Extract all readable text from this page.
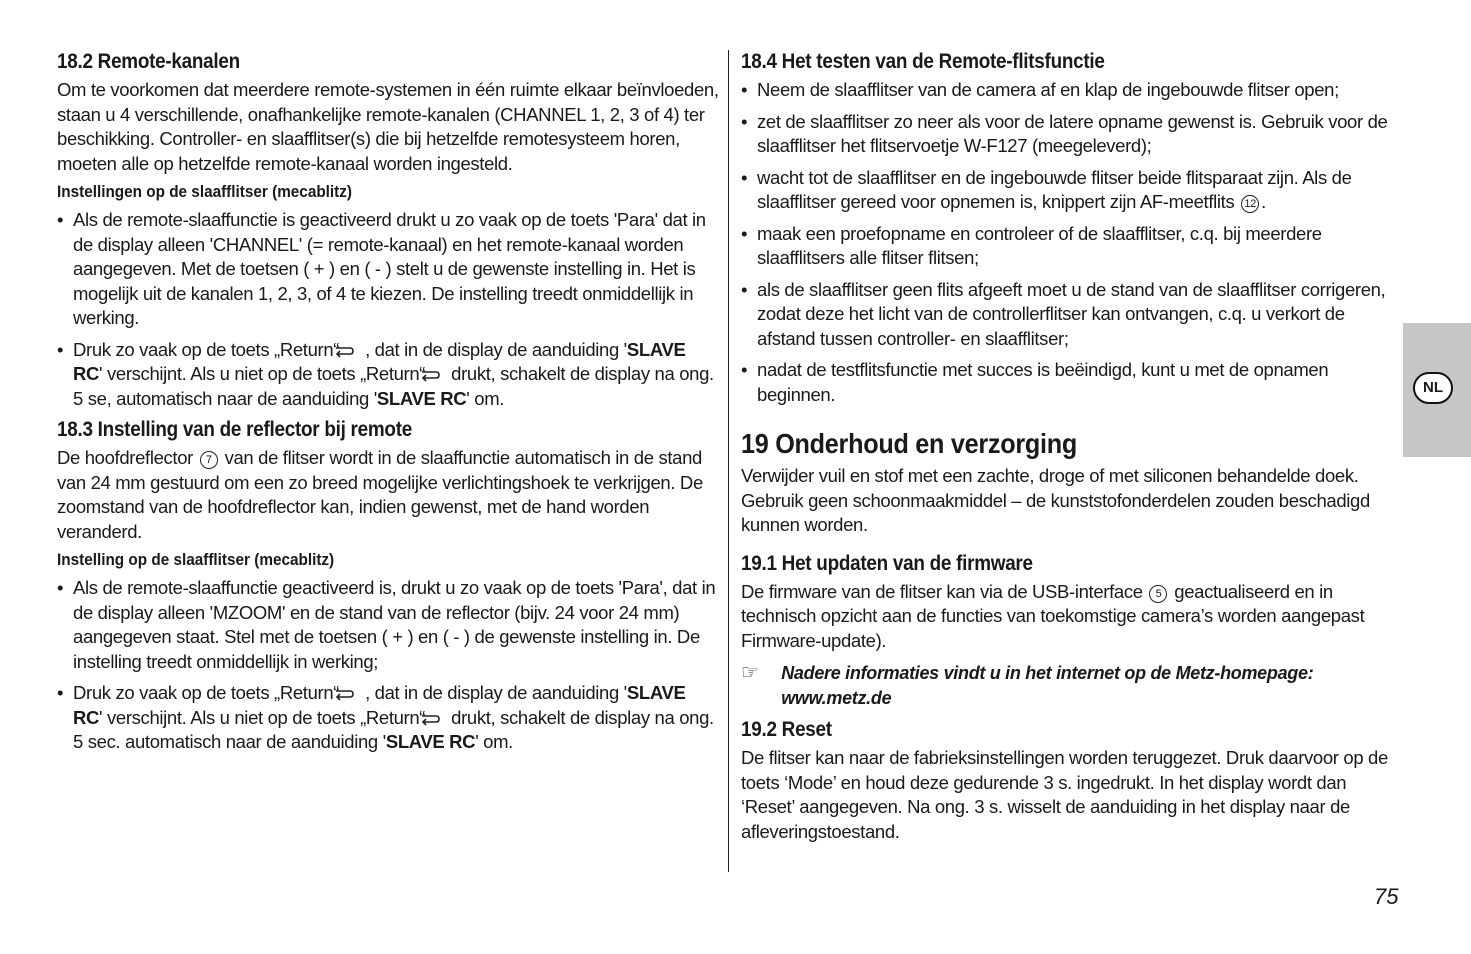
18.2 Remote-kanalen

Om te voorkomen dat meerdere remote-systemen in één ruimte elkaar beïnvloeden, staan u 4 verschillende, onafhankelijke remote-kanalen (CHANNEL 1, 2, 3 of 4) ter beschikking. Controller- en slaafflitser(s) die bij hetzelfde remotesysteem horen, moeten alle op hetzelfde remote-kanaal worden ingesteld.

Instellingen op de slaafflitser (mecablitz)
• Als de remote-slaaffunctie is geactiveerd drukt u zo vaak op de toets 'Para' dat in de display alleen 'CHANNEL' (= remote-kanaal) en het remote-kanaal worden aangegeven. Met de toetsen ( + ) en ( - ) stelt u de gewenste instelling in. Het is mogelijk uit de kanalen 1, 2, 3, of 4 te kiezen. De instelling treedt onmiddellijk in werking.
• Druk zo vaak op de toets „Return“ , dat in de display de aanduiding 'SLAVE RC' verschijnt. Als u niet op de toets „Return“ drukt, schakelt de display na ong. 5 se, automatisch naar de aanduiding 'SLAVE RC' om.
18.3 Instelling van de reflector bij remote

De hoofdreflector 7 van de flitser wordt in de slaaffunctie automatisch in de stand van 24 mm gestuurd om een zo breed mogelijke verlichtingshoek te verkrijgen. De zoomstand van de hoofdreflector kan, indien gewenst, met de hand worden veranderd.

Instelling op de slaafflitser (mecablitz)
• Als de remote-slaaffunctie geactiveerd is, drukt u zo vaak op de toets 'Para', dat in de display alleen 'MZOOM' en de stand van de reflector (bijv. 24 voor 24 mm) aangegeven staat. Stel met de toetsen ( + ) en ( - ) de gewenste instelling in. De instelling treedt onmiddellijk in werking;
• Druk zo vaak op de toets „Return“ , dat in de display de aanduiding 'SLAVE RC' verschijnt. Als u niet op de toets „Return“ drukt, schakelt de display na ong. 5 sec. automatisch naar de aanduiding 'SLAVE RC' om.
18.4 Het testen van de Remote-flitsfunctie
• Neem de slaafflitser van de camera af en klap de ingebouwde flitser open;
• zet de slaafflitser zo neer als voor de latere opname gewenst is. Gebruik voor de slaafflitser het flitservoetje W-F127 (meegeleverd);
• wacht tot de slaafflitser en de ingebouwde flitser beide flitsparaat zijn. Als de slaafflitser gereed voor opnemen is, knippert zijn AF-meetflits 12 .
• maak een proefopname en controleer of de slaafflitser, c.q. bij meerdere slaafflitsers alle flitser flitsen;
• als de slaafflitser geen flits afgeeft moet u de stand van de slaafflitser corrigeren, zodat deze het licht van de controllerflitser kan ontvangen, c.q. u verkort de afstand tussen controller- en slaafflitser;
• nadat de testflitsfunctie met succes is beëindigd, kunt u met de opnamen beginnen.
19 Onderhoud en verzorging

Verwijder vuil en stof met een zachte, droge of met siliconen behandelde doek. Gebruik geen schoonmaakmiddel – de kunststofonderdelen zouden beschadigd kunnen worden.

19.1 Het updaten van de firmware

De firmware van de flitser kan via de USB-interface 5 geactualiseerd en in technisch opzicht aan de functies van toekomstige camera’s worden aangepast Firmware-update).

☞	Nadere informaties vindt u in het internet op de Metz-homepage: www.metz.de
19.2 Reset

De flitser kan naar de fabrieksinstellingen worden teruggezet. Druk daarvoor op de toets ‘Mode’ en houd deze gedurende 3 s. ingedrukt. In het display wordt dan ‘Reset’ aangegeven. Na ong. 3 s. wisselt de aanduiding in het display naar de afleveringstoestand.

NL
75
